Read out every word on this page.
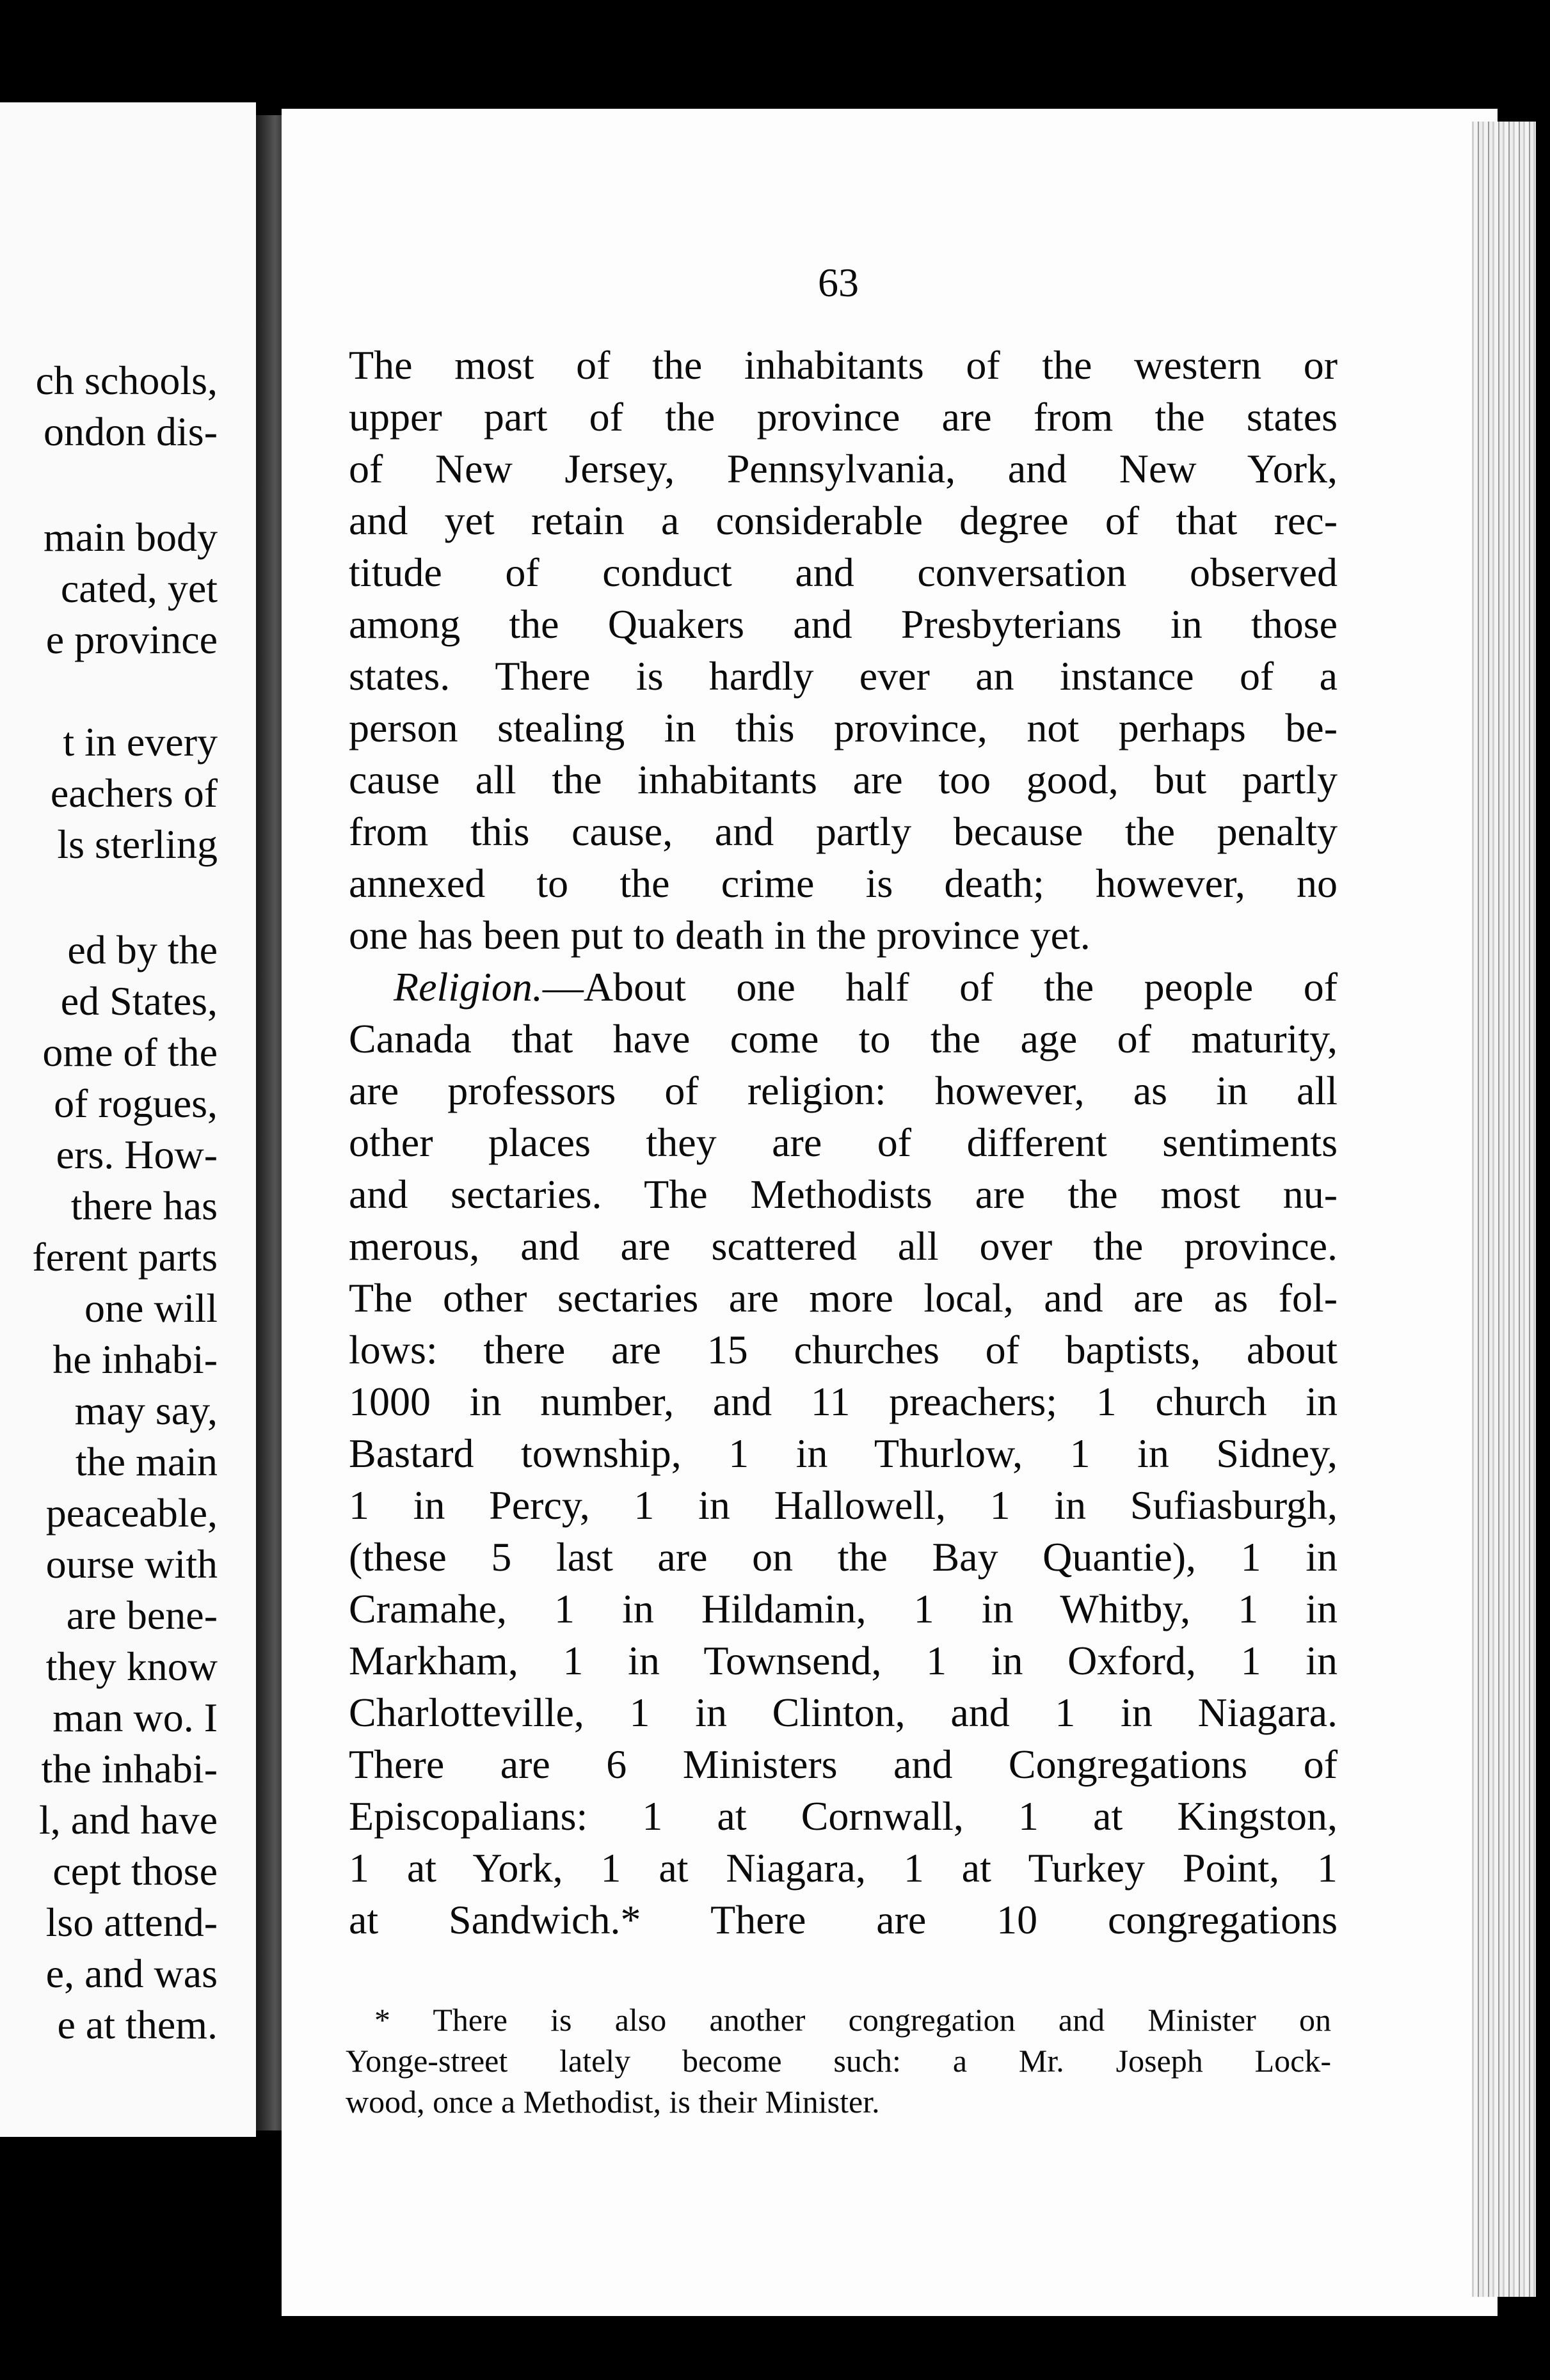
ch schools,
ondon dis-
main body
cated, yet
e province
t in every
eachers of
ls sterling
ed by the
ed States,
ome of the
of rogues,
ers. How-
there has
ferent parts
one will
he inhabi-
may say,
the main
peaceable,
ourse with
are bene-
they know
man wo. I
the inhabi-
l, and have
cept those
lso attend-
e, and was
e at them.
63
The most of the inhabitants of the western or
upper part of the province are from the states
of New Jersey, Pennsylvania, and New York,
and yet retain a considerable degree of that rec-
titude of conduct and conversation observed
among the Quakers and Presbyterians in those
states. There is hardly ever an instance of a
person stealing in this province, not perhaps be-
cause all the inhabitants are too good, but partly
from this cause, and partly because the penalty
annexed to the crime is death; however, no
one has been put to death in the province yet.
Religion.—About one half of the people of
Canada that have come to the age of maturity,
are professors of religion: however, as in all
other places they are of different sentiments
and sectaries. The Methodists are the most nu-
merous, and are scattered all over the province.
The other sectaries are more local, and are as fol-
lows: there are 15 churches of baptists, about
1000 in number, and 11 preachers; 1 church in
Bastard township, 1 in Thurlow, 1 in Sidney,
1 in Percy, 1 in Hallowell, 1 in Sufiasburgh,
(these 5 last are on the Bay Quantie), 1 in
Cramahe, 1 in Hildamin, 1 in Whitby, 1 in
Markham, 1 in Townsend, 1 in Oxford, 1 in
Charlotteville, 1 in Clinton, and 1 in Niagara.
There are 6 Ministers and Congregations of
Episcopalians: 1 at Cornwall, 1 at Kingston,
1 at York, 1 at Niagara, 1 at Turkey Point, 1
at Sandwich.* There are 10 congregations
* There is also another congregation and Minister on
Yonge-street lately become such: a Mr. Joseph Lock-
wood, once a Methodist, is their Minister.
